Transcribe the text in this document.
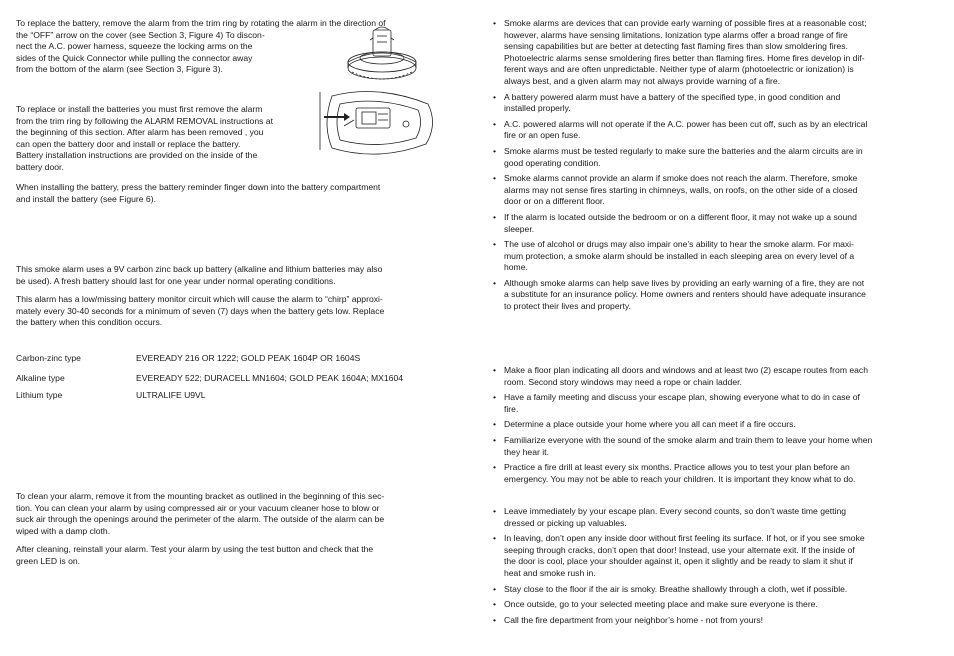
To replace the battery, remove the alarm from the trim ring by rotating the alarm in the direction of

the “OFF” arrow on the cover (see Section 3, Figure 4) To discon-

nect the A.C. power harness, squeeze the locking arms on the

sides of the Quick Connector while pulling the connector away

from the bottom of the alarm (see Section 3, Figure 3).

To replace or install the batteries you must first remove the alarm

from the trim ring by following the ALARM REMOVAL instructions at

the beginning of this section. After alarm has been removed , you

can open the battery door and install or replace the battery.

Battery installation instructions are provided on the inside of the

battery door.

When installing the battery, press the battery reminder finger down into the battery compartment

and install the battery (see Figure 6).

This smoke alarm uses a 9V carbon zinc back up battery (alkaline and lithium batteries may also

be used). A fresh battery should last for one year under normal operating conditions.

This alarm has a low/missing battery monitor circuit which will cause the alarm to “chirp” approxi-

mately every 30-40 seconds for a minimum of seven (7) days when the battery gets low. Replace

the battery when this condition occurs.

Carbon-zinc type	EVEREADY 216 OR 1222; GOLD PEAK 1604P OR 1604S
Alkaline type	EVEREADY 522; DURACELL MN1604; GOLD PEAK 1604A; MX1604
Lithium type	ULTRALIFE U9VL

To clean your alarm, remove it from the mounting bracket as outlined in the beginning of this sec-

tion. You can clean your alarm by using compressed air or your vacuum cleaner hose to blow or

suck air through the openings around the perimeter of the alarm. The outside of the alarm can be

wiped with a damp cloth.

After cleaning, reinstall your alarm. Test your alarm by using the test button and check that the

green LED is on.

• Smoke alarms are devices that can provide early warning of possible fires at a reasonable cost;
however, alarms have sensing limitations. Ionization type alarms offer a broad range of fire
sensing capabilities but are better at detecting fast flaming fires than slow smoldering fires.
Photoelectric alarms sense smoldering fires better than flaming fires. Home fires develop in dif-
ferent ways and are often unpredictable. Neither type of alarm (photoelectric or ionization) is
always best, and a given alarm may not always provide warning of a fire.
• A battery powered alarm must have a battery of the specified type, in good condition and
installed properly.
• A.C. powered alarms will not operate if the A.C. power has been cut off, such as by an electrical
fire or an open fuse.
• Smoke alarms must be tested regularly to make sure the batteries and the alarm circuits are in
good operating condition.
• Smoke alarms cannot provide an alarm if smoke does not reach the alarm. Therefore, smoke
alarms may not sense fires starting in chimneys, walls, on roofs, on the other side of a closed
door or on a different floor.
• If the alarm is located outside the bedroom or on a different floor, it may not wake up a sound
sleeper.
• The use of alcohol or drugs may also impair one’s ability to hear the smoke alarm. For maxi-
mum protection, a smoke alarm should be installed in each sleeping area on every level of a
home.
• Although smoke alarms can help save lives by providing an early warning of a fire, they are not
a substitute for an insurance policy. Home owners and renters should have adequate insurance
to protect their lives and property.
• Make a floor plan indicating all doors and windows and at least two (2) escape routes from each
room. Second story windows may need a rope or chain ladder.
• Have a family meeting and discuss your escape plan, showing everyone what to do in case of
fire.
• Determine a place outside your home where you all can meet if a fire occurs.
• Familiarize everyone with the sound of the smoke alarm and train them to leave your home when
they hear it.
• Practice a fire drill at least every six months. Practice allows you to test your plan before an
emergency. You may not be able to reach your children. It is important they know what to do.
• Leave immediately by your escape plan. Every second counts, so don’t waste time getting
dressed or picking up valuables.
• In leaving, don’t open any inside door without first feeling its surface. If hot, or if you see smoke
seeping through cracks, don’t open that door! Instead, use your alternate exit. If the inside of
the door is cool, place your shoulder against it, open it slightly and be ready to slam it shut if
heat and smoke rush in.
• Stay close to the floor if the air is smoky. Breathe shallowly through a cloth, wet if possible.
• Once outside, go to your selected meeting place and make sure everyone is there.
• Call the fire department from your neighbor’s home - not from yours!
